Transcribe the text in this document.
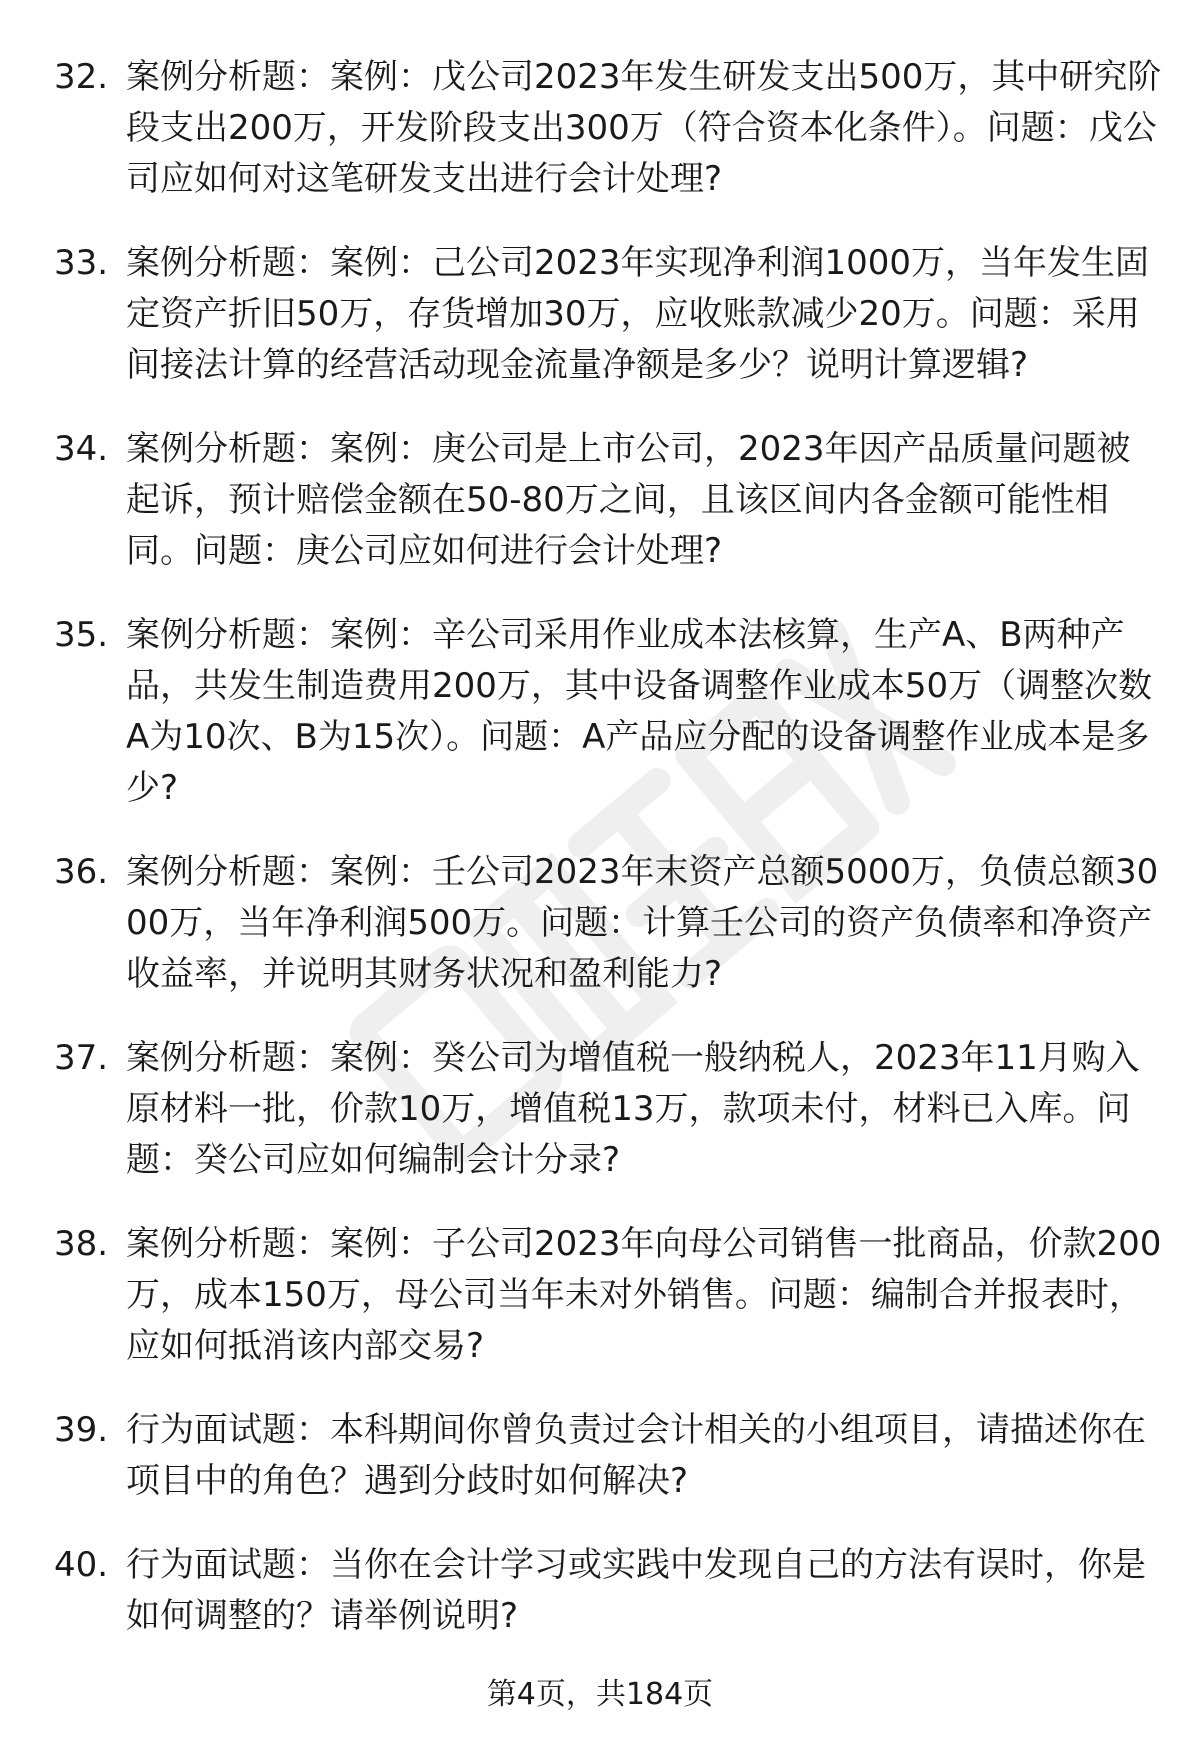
32. 案例分析题：案例：戊公司2023年发生研发支出500万，其中研究阶段支出200万，开发阶段支出300万（符合资本化条件）。问题：戊公司应如何对这笔研发支出进行会计处理?
33. 案例分析题：案例：己公司2023年实现净利润1000万，当年发生固定资产折旧50万，存货增加30万，应收账款减少20万。问题：采用间接法计算的经营活动现金流量净额是多少？说明计算逻辑?
34. 案例分析题：案例：庚公司是上市公司，2023年因产品质量问题被起诉，预计赔偿金额在50-80万之间，且该区间内各金额可能性相同。问题：庚公司应如何进行会计处理?
35. 案例分析题：案例：辛公司采用作业成本法核算，生产A、B两种产品，共发生制造费用200万，其中设备调整作业成本50万（调整次数A为10次、B为15次）。问题：A产品应分配的设备调整作业成本是多少?
36. 案例分析题：案例：壬公司2023年末资产总额5000万，负债总额3000万，当年净利润500万。问题：计算壬公司的资产负债率和净资产收益率，并说明其财务状况和盈利能力?
37. 案例分析题：案例：癸公司为增值税一般纳税人，2023年11月购入原材料一批，价款10万，增值税13万，款项未付，材料已入库。问题：癸公司应如何编制会计分录?
38. 案例分析题：案例：子公司2023年向母公司销售一批商品，价款200万，成本150万，母公司当年未对外销售。问题：编制合并报表时，应如何抵消该内部交易?
39. 行为面试题：本科期间你曾负责过会计相关的小组项目，请描述你在项目中的角色？遇到分歧时如何解决?
40. 行为面试题：当你在会计学习或实践中发现自己的方法有误时，你是如何调整的？请举例说明?
第4页，共184页
